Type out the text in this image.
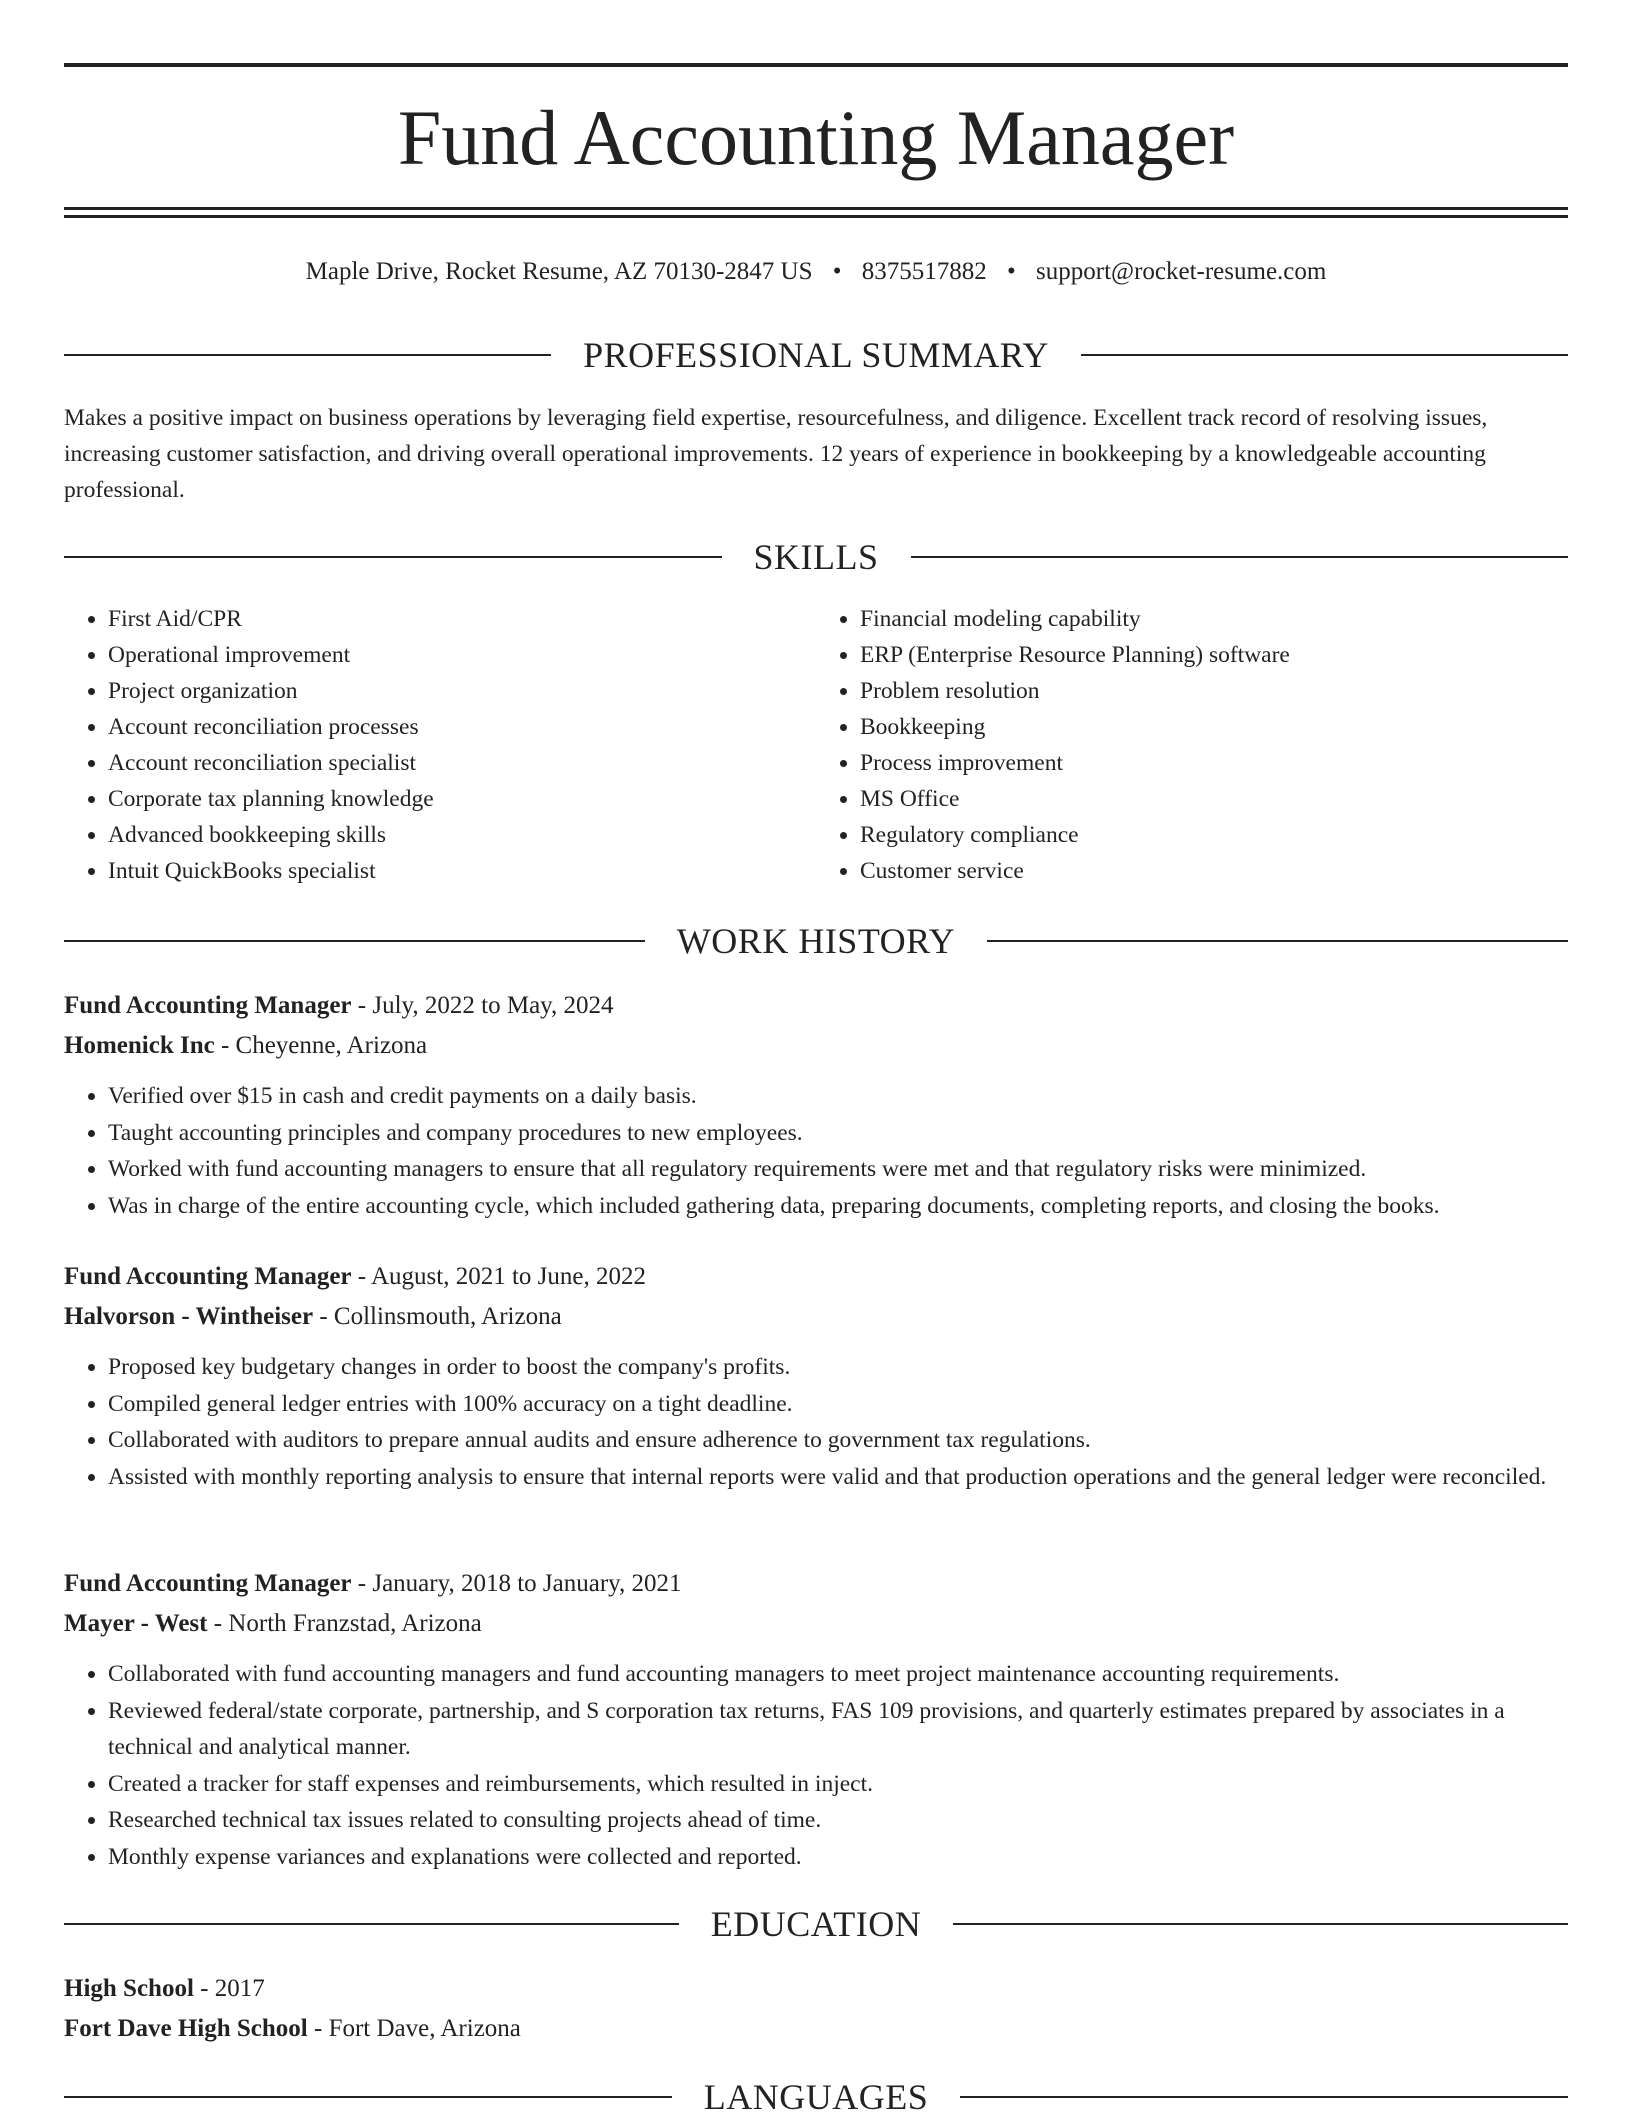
Fund Accounting Manager
Maple Drive, Rocket Resume, AZ 70130-2847 US • 8375517882 • support@rocket-resume.com
PROFESSIONAL SUMMARY

Makes a positive impact on business operations by leveraging field expertise, resourcefulness, and diligence. Excellent track record of resolving issues, increasing customer satisfaction, and driving overall operational improvements. 12 years of experience in bookkeeping by a knowledgeable accounting professional.

SKILLS
• First Aid/CPR
• Operational improvement
• Project organization
• Account reconciliation processes
• Account reconciliation specialist
• Corporate tax planning knowledge
• Advanced bookkeeping skills
• Intuit QuickBooks specialist
• Financial modeling capability
• ERP (Enterprise Resource Planning) software
• Problem resolution
• Bookkeeping
• Process improvement
• MS Office
• Regulatory compliance
• Customer service
WORK HISTORY
Fund Accounting Manager - July, 2022 to May, 2024
Homenick Inc - Cheyenne, Arizona
• Verified over $15 in cash and credit payments on a daily basis.
• Taught accounting principles and company procedures to new employees.
• Worked with fund accounting managers to ensure that all regulatory requirements were met and that regulatory risks were minimized.
• Was in charge of the entire accounting cycle, which included gathering data, preparing documents, completing reports, and closing the books.
Fund Accounting Manager - August, 2021 to June, 2022
Halvorson - Wintheiser - Collinsmouth, Arizona
• Proposed key budgetary changes in order to boost the company's profits.
• Compiled general ledger entries with 100% accuracy on a tight deadline.
• Collaborated with auditors to prepare annual audits and ensure adherence to government tax regulations.
• Assisted with monthly reporting analysis to ensure that internal reports were valid and that production operations and the general ledger were reconciled.
Fund Accounting Manager - January, 2018 to January, 2021
Mayer - West - North Franzstad, Arizona
• Collaborated with fund accounting managers and fund accounting managers to meet project maintenance accounting requirements.
• Reviewed federal/state corporate, partnership, and S corporation tax returns, FAS 109 provisions, and quarterly estimates prepared by associates in a technical and analytical manner.
• Created a tracker for staff expenses and reimbursements, which resulted in inject.
• Researched technical tax issues related to consulting projects ahead of time.
• Monthly expense variances and explanations were collected and reported.
EDUCATION
High School - 2017
Fort Dave High School - Fort Dave, Arizona
LANGUAGES
